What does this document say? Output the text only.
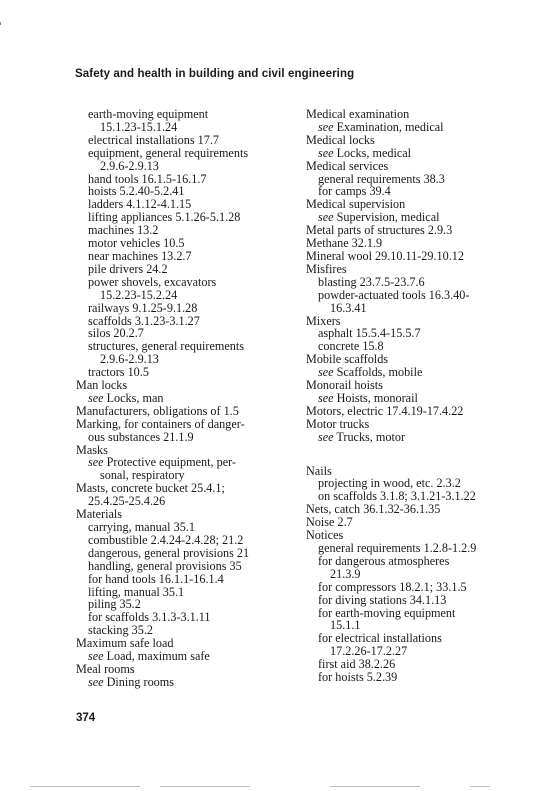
Safety and health in building and civil engineering
earth-moving equipment
15.1.23-15.1.24
electrical installations 17.7
equipment, general requirements
2.9.6-2.9.13
hand tools 16.1.5-16.1.7
hoists 5.2.40-5.2.41
ladders 4.1.12-4.1.15
lifting appliances 5.1.26-5.1.28
machines 13.2
motor vehicles 10.5
near machines 13.2.7
pile drivers 24.2
power shovels, excavators
15.2.23-15.2.24
railways 9.1.25-9.1.28
scaffolds 3.1.23-3.1.27
silos 20.2.7
structures, general requirements
2.9.6-2.9.13
tractors 10.5
Man locks
see Locks, man
Manufacturers, obligations of 1.5
Marking, for containers of danger-
ous substances 21.1.9
Masks
see Protective equipment, per-
sonal, respiratory
Masts, concrete bucket 25.4.1;
25.4.25-25.4.26
Materials
carrying, manual 35.1
combustible 2.4.24-2.4.28; 21.2
dangerous, general provisions 21
handling, general provisions 35
for hand tools 16.1.1-16.1.4
lifting, manual 35.1
piling 35.2
for scaffolds 3.1.3-3.1.11
stacking 35.2
Maximum safe load
see Load, maximum safe
Meal rooms
see Dining rooms
Medical examination
see Examination, medical
Medical locks
see Locks, medical
Medical services
general requirements 38.3
for camps 39.4
Medical supervision
see Supervision, medical
Metal parts of structures 2.9.3
Methane 32.1.9
Mineral wool 29.10.11-29.10.12
Misfires
blasting 23.7.5-23.7.6
powder-actuated tools 16.3.40-
16.3.41
Mixers
asphalt 15.5.4-15.5.7
concrete 15.8
Mobile scaffolds
see Scaffolds, mobile
Monorail hoists
see Hoists, monorail
Motors, electric 17.4.19-17.4.22
Motor trucks
see Trucks, motor
Nails
projecting in wood, etc. 2.3.2
on scaffolds 3.1.8; 3.1.21-3.1.22
Nets, catch 36.1.32-36.1.35
Noise 2.7
Notices
general requirements 1.2.8-1.2.9
for dangerous atmospheres
21.3.9
for compressors 18.2.1; 33.1.5
for diving stations 34.1.13
for earth-moving equipment
15.1.1
for electrical installations
17.2.26-17.2.27
first aid 38.2.26
for hoists 5.2.39
374
